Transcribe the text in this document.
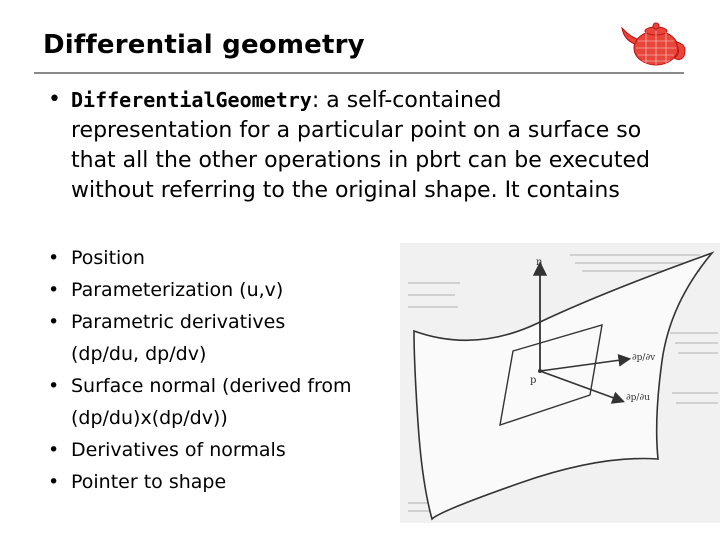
Differential geometry
• DifferentialGeometry: a self-contained representation for a particular point on a surface so that all the other operations in pbrt can be executed without referring to the original shape. It contains
• Position
• Parameterization (u,v)
• Parametric derivatives
(dp/du, dp/dv)
• Surface normal (derived from
(dp/du)x(dp/dv))
• Derivatives of normals
• Pointer to shape
n
p
∂p/∂v
∂p/∂u
